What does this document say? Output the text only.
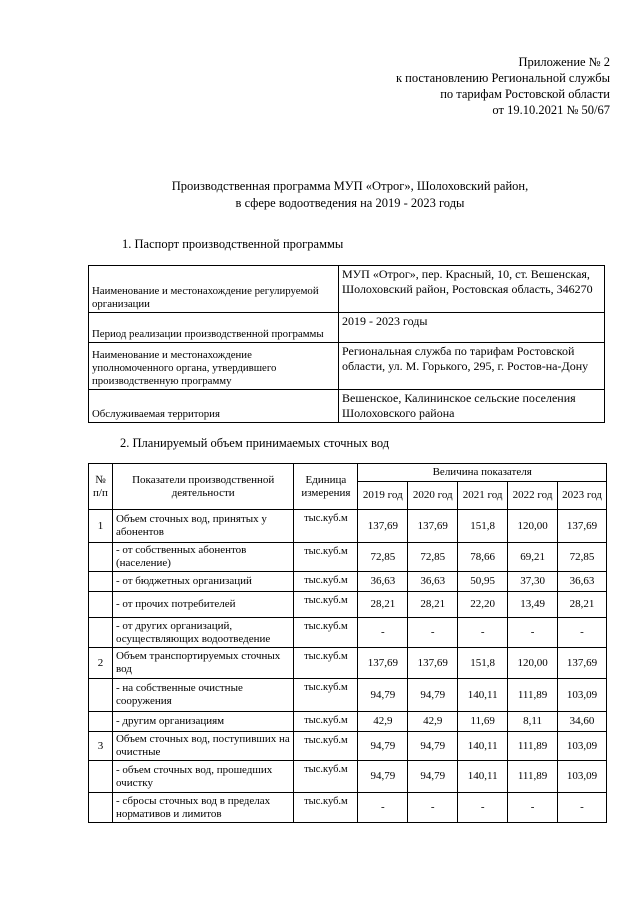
Приложение № 2
к постановлению Региональной службы
по тарифам Ростовской области
от 19.10.2021 № 50/67
Производственная программа МУП «Отрог», Шолоховский район,
в сфере водоотведения на 2019 - 2023 годы
1. Паспорт производственной программы
Наименование и местонахождение регулируемой организации	МУП «Отрог», пер. Красный, 10, ст. Вешенская, Шолоховский район, Ростовская область, 346270
Период реализации производственной программы	2019 - 2023 годы
Наименование и местонахождение уполномоченного органа, утвердившего производственную программу	Региональная служба по тарифам Ростовской области, ул. М. Горького, 295, г. Ростов-на-Дону
Обслуживаемая территория	Вешенское, Калининское сельские поселения Шолоховского района
2. Планируемый объем принимаемых сточных вод
№ п/п	Показатели производственной деятельности	Единица измерения	Величина показателя				
			2019 год	2020 год	2021 год	2022 год	2023 год
1	Объем сточных вод, принятых у абонентов	тыс.куб.м	137,69	137,69	151,8	120,00	137,69
	- от собственных абонентов (население)	тыс.куб.м	72,85	72,85	78,66	69,21	72,85
	- от бюджетных организаций	тыс.куб.м	36,63	36,63	50,95	37,30	36,63
	- от прочих потребителей	тыс.куб.м	28,21	28,21	22,20	13,49	28,21
	- от других организаций, осуществляющих водоотведение	тыс.куб.м	-	-	-	-	-
2	Объем транспортируемых сточных вод	тыс.куб.м	137,69	137,69	151,8	120,00	137,69
	- на собственные очистные сооружения	тыс.куб.м	94,79	94,79	140,11	111,89	103,09
	- другим организациям	тыс.куб.м	42,9	42,9	11,69	8,11	34,60
3	Объем сточных вод, поступивших на очистные	тыс.куб.м	94,79	94,79	140,11	111,89	103,09
	- объем сточных вод, прошедших очистку	тыс.куб.м	94,79	94,79	140,11	111,89	103,09
	- сбросы сточных вод в пределах нормативов и лимитов	тыс.куб.м	-	-	-	-	-
